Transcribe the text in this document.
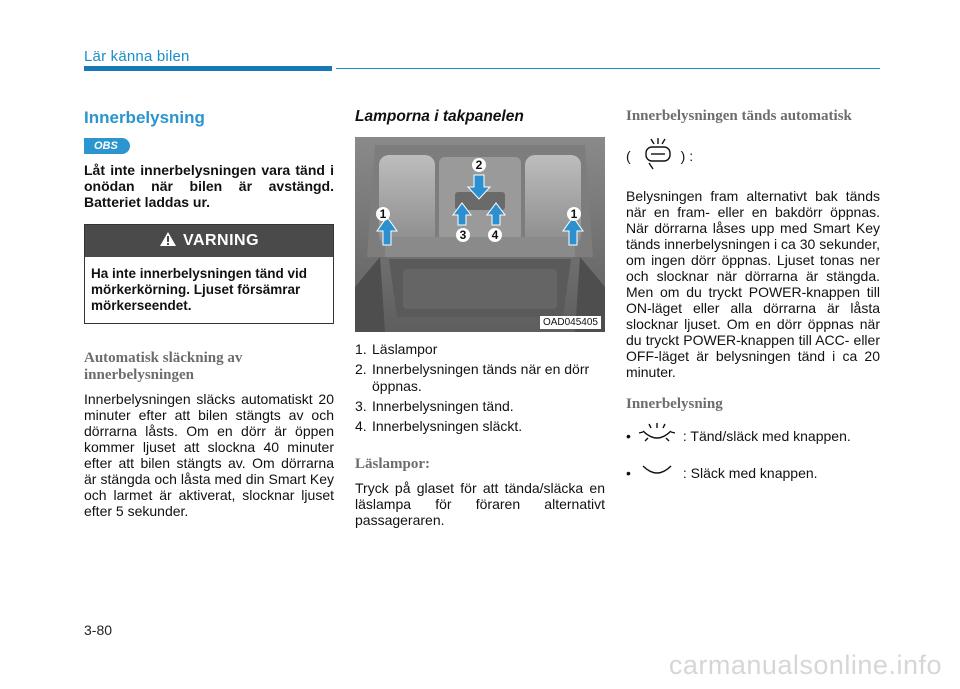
Lär känna bilen
Innerbelysning
OBS
Låt inte innerbelysningen vara tänd i onödan när bilen är avstängd. Batteriet laddas ur.
VARNING
Ha inte innerbelysningen tänd vid mörkerkörning. Ljuset försämrar mörkerseendet.
Automatisk släckning av innerbelysningen
Innerbelysningen släcks automatiskt 20 minuter efter att bilen stängts av och dörrarna låsts. Om en dörr är öppen kommer ljuset att slockna 40 minuter efter att bilen stängts av. Om dörrarna är stängda och låsta med din Smart Key och larmet är aktiverat, slocknar ljuset efter 5 sekunder.
Lamporna i takpanelen
1
2
3 4
1
OAD045405
1. Läslampor
2. Innerbelysningen tänds när en dörr öppnas.
3. Innerbelysningen tänd.
4. Innerbelysningen släckt.
Läslampor:
Tryck på glaset för att tända/släcka en läslampa för föraren alternativt passageraren.
Innerbelysningen tänds automatisk
(	) :
Belysningen fram alternativt bak tänds när en fram- eller en bakdörr öppnas. När dörrarna låses upp med Smart Key tänds innerbelysningen i ca 30 sekunder, om ingen dörr öppnas. Ljuset tonas ner och slocknar när dörrarna är stängda. Men om du tryckt POWER-knappen till ON-läget eller alla dörrarna är låsta slocknar ljuset. Om en dörr öppnas när du tryckt POWER-knappen till ACC- eller OFF-läget är belysningen tänd i ca 20 minuter.
Innerbelysning
•	: Tänd/släck med knappen.
•	: Släck med knappen.
3-80
carmanualsonline.info
